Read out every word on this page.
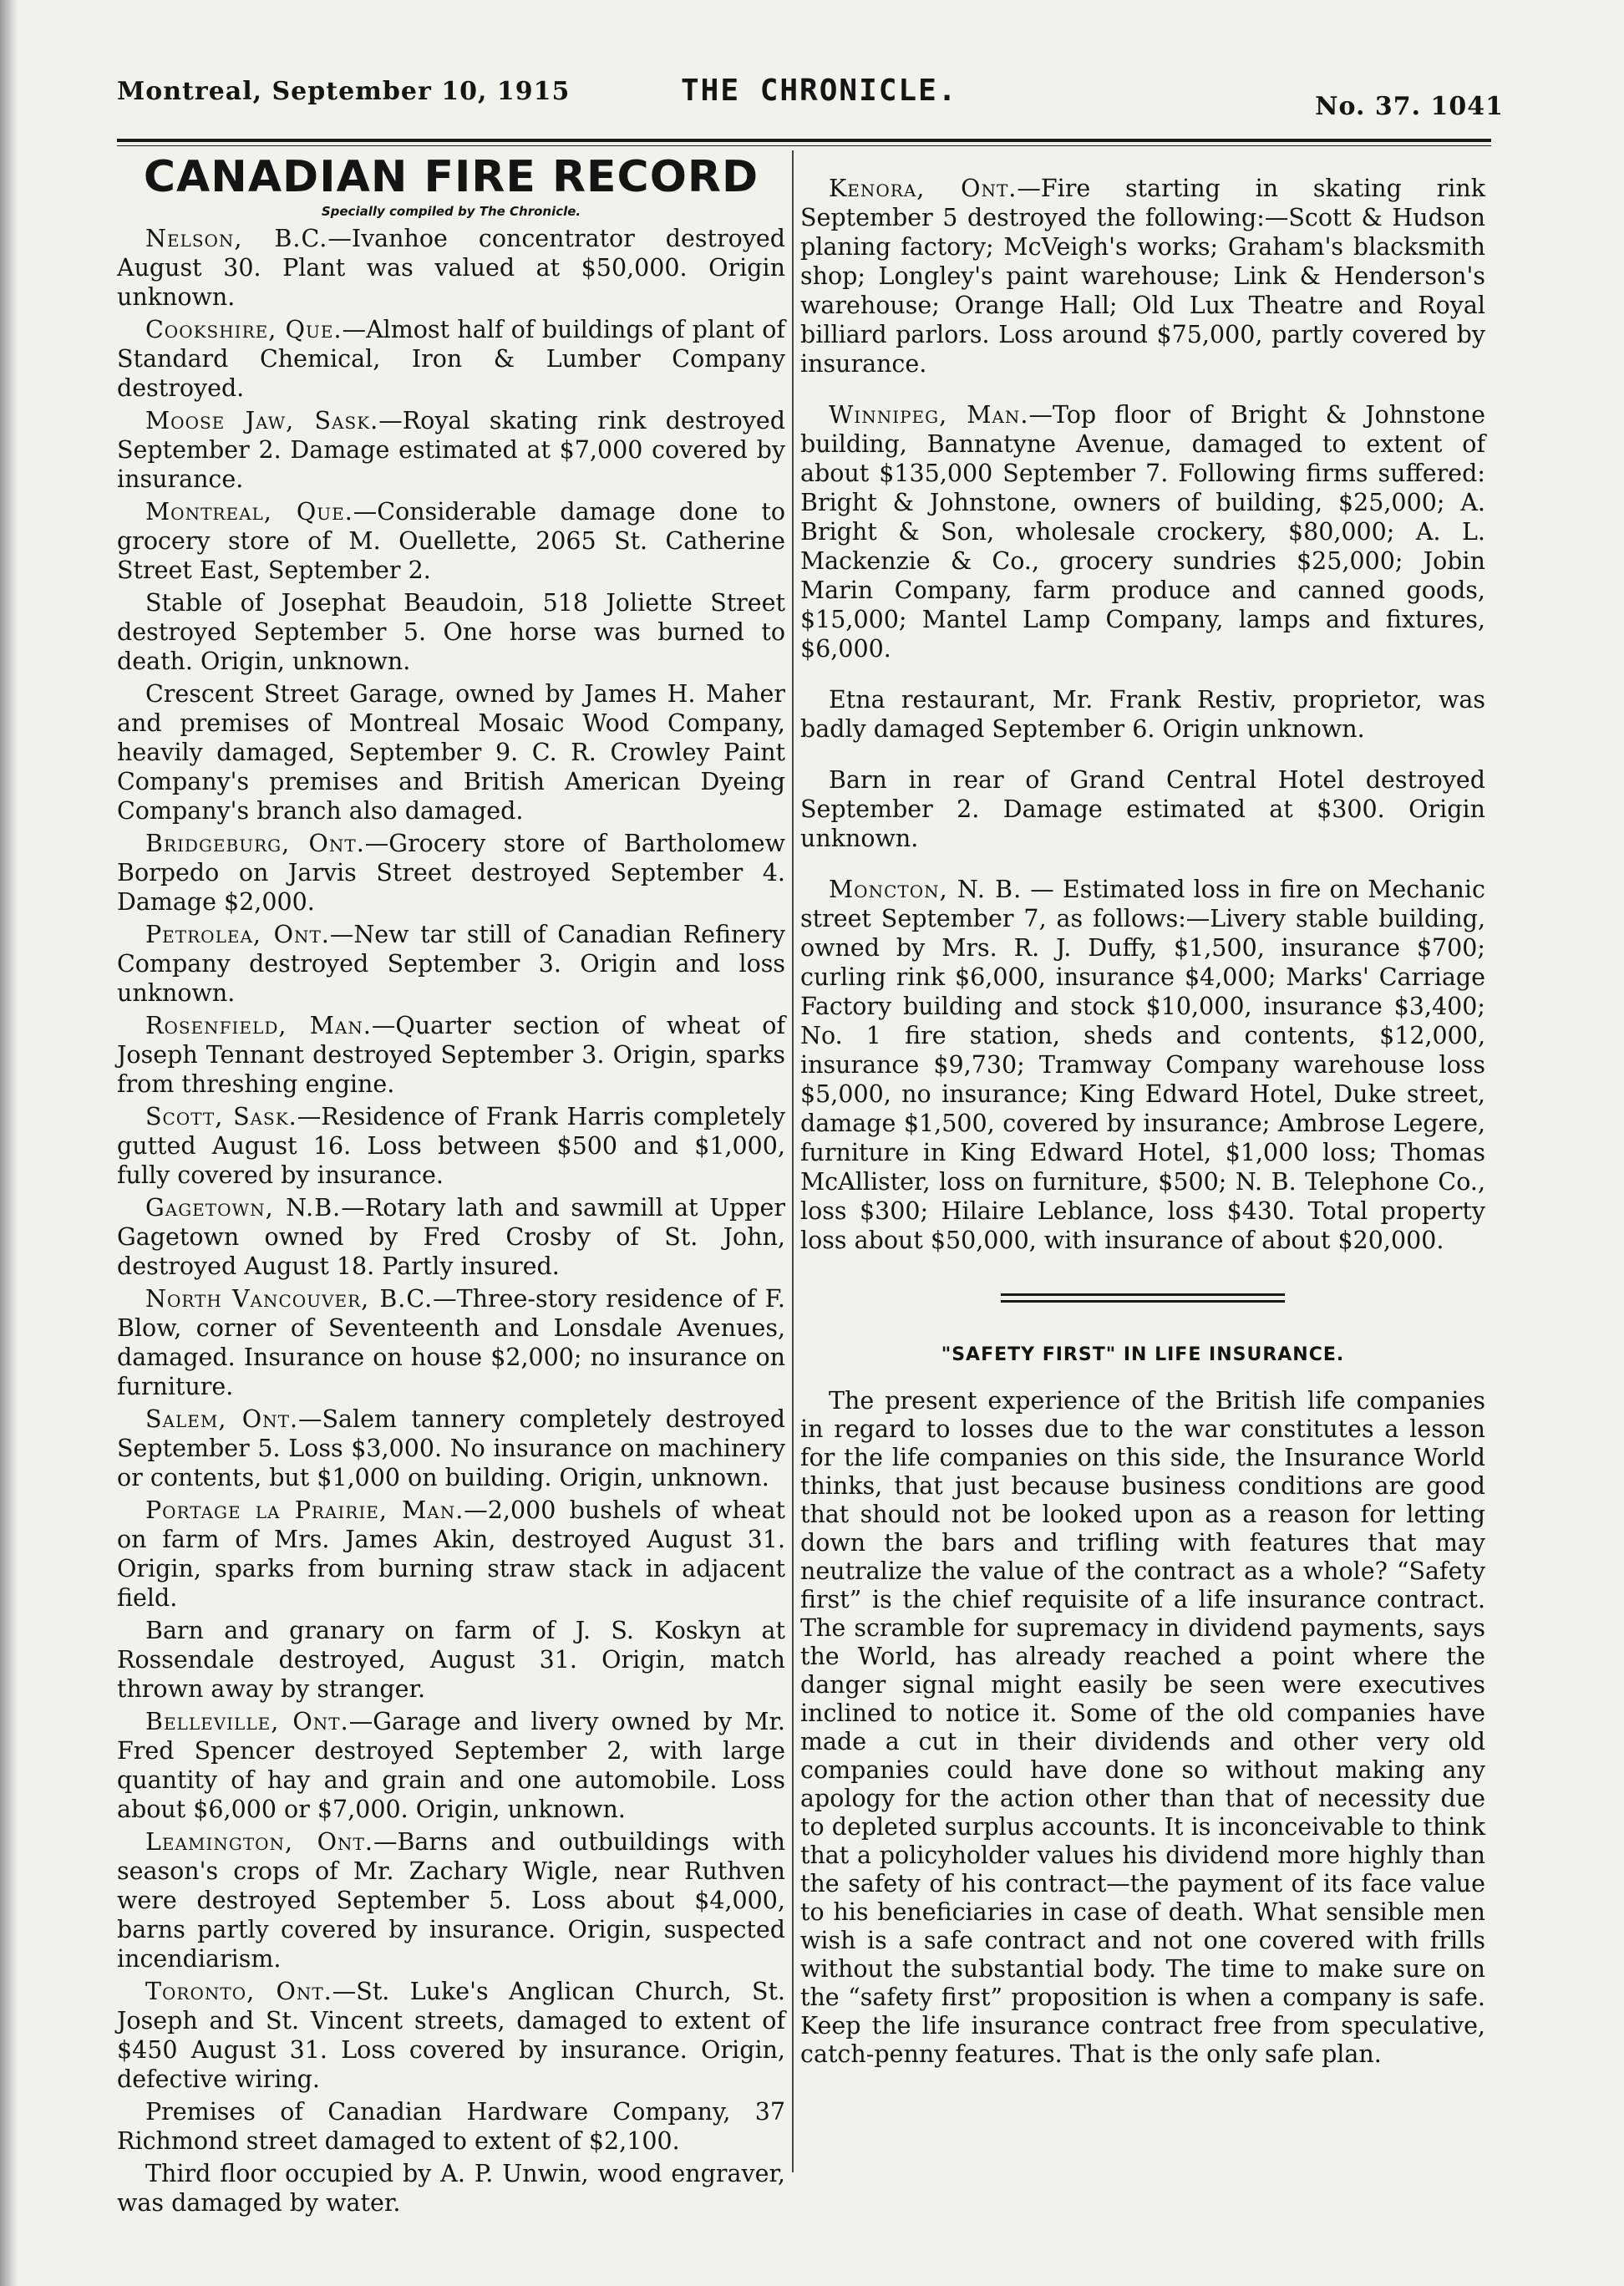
Montreal, September 10, 1915	THE CHRONICLE.	No. 37. 1041
CANADIAN FIRE RECORD

Specially compiled by The Chronicle.

Nelson, B.C.—Ivanhoe concentrator destroyed August 30. Plant was valued at $50,000. Origin unknown.

Cookshire, Que.—Almost half of buildings of plant of Standard Chemical, Iron & Lumber Company destroyed.

Moose Jaw, Sask.—Royal skating rink destroyed September 2. Damage estimated at $7,000 covered by insurance.

Montreal, Que.—Considerable damage done to grocery store of M. Ouellette, 2065 St. Catherine Street East, September 2.

Stable of Josephat Beaudoin, 518 Joliette Street destroyed September 5. One horse was burned to death. Origin, unknown.

Crescent Street Garage, owned by James H. Maher and premises of Montreal Mosaic Wood Company, heavily damaged, September 9. C. R. Crowley Paint Company's premises and British American Dyeing Company's branch also damaged.

Bridgeburg, Ont.—Grocery store of Bartholomew Borpedo on Jarvis Street destroyed September 4. Damage $2,000.

Petrolea, Ont.—New tar still of Canadian Refinery Company destroyed September 3. Origin and loss unknown.

Rosenfield, Man.—Quarter section of wheat of Joseph Tennant destroyed September 3. Origin, sparks from threshing engine.

Scott, Sask.—Residence of Frank Harris completely gutted August 16. Loss between $500 and $1,000, fully covered by insurance.

Gagetown, N.B.—Rotary lath and sawmill at Upper Gagetown owned by Fred Crosby of St. John, destroyed August 18. Partly insured.

North Vancouver, B.C.—Three-story residence of F. Blow, corner of Seventeenth and Lonsdale Avenues, damaged. Insurance on house $2,000; no insurance on furniture.

Salem, Ont.—Salem tannery completely destroyed September 5. Loss $3,000. No insurance on machinery or contents, but $1,000 on building. Origin, unknown.

Portage la Prairie, Man.—2,000 bushels of wheat on farm of Mrs. James Akin, destroyed August 31. Origin, sparks from burning straw stack in adjacent field.

Barn and granary on farm of J. S. Koskyn at Rossendale destroyed, August 31. Origin, match thrown away by stranger.

Belleville, Ont.—Garage and livery owned by Mr. Fred Spencer destroyed September 2, with large quantity of hay and grain and one automobile. Loss about $6,000 or $7,000. Origin, unknown.

Leamington, Ont.—Barns and outbuildings with season's crops of Mr. Zachary Wigle, near Ruthven were destroyed September 5. Loss about $4,000, barns partly covered by insurance. Origin, suspected incendiarism.

Toronto, Ont.—St. Luke's Anglican Church, St. Joseph and St. Vincent streets, damaged to extent of $450 August 31. Loss covered by insurance. Origin, defective wiring.

Premises of Canadian Hardware Company, 37 Richmond street damaged to extent of $2,100.

Third floor occupied by A. P. Unwin, wood engraver, was damaged by water.

Kenora, Ont.—Fire starting in skating rink September 5 destroyed the following:—Scott & Hudson planing factory; McVeigh's works; Graham's blacksmith shop; Longley's paint warehouse; Link & Henderson's warehouse; Orange Hall; Old Lux Theatre and Royal billiard parlors. Loss around $75,000, partly covered by insurance.

Winnipeg, Man.—Top floor of Bright & Johnstone building, Bannatyne Avenue, damaged to extent of about $135,000 September 7. Following firms suffered: Bright & Johnstone, owners of building, $25,000; A. Bright & Son, wholesale crockery, $80,000; A. L. Mackenzie & Co., grocery sundries $25,000; Jobin Marin Company, farm produce and canned goods, $15,000; Mantel Lamp Company, lamps and fixtures, $6,000.

Etna restaurant, Mr. Frank Restiv, proprietor, was badly damaged September 6. Origin unknown.

Barn in rear of Grand Central Hotel destroyed September 2. Damage estimated at $300. Origin unknown.

Moncton, N. B. — Estimated loss in fire on Mechanic street September 7, as follows:—Livery stable building, owned by Mrs. R. J. Duffy, $1,500, insurance $700; curling rink $6,000, insurance $4,000; Marks' Carriage Factory building and stock $10,000, insurance $3,400; No. 1 fire station, sheds and contents, $12,000, insurance $9,730; Tramway Company warehouse loss $5,000, no insurance; King Edward Hotel, Duke street, damage $1,500, covered by insurance; Ambrose Legere, furniture in King Edward Hotel, $1,000 loss; Thomas McAllister, loss on furniture, $500; N. B. Telephone Co., loss $300; Hilaire Leblance, loss $430. Total property loss about $50,000, with insurance of about $20,000.

"SAFETY FIRST" IN LIFE INSURANCE.

The present experience of the British life companies in regard to losses due to the war constitutes a lesson for the life companies on this side, the Insurance World thinks, that just because business conditions are good that should not be looked upon as a reason for letting down the bars and trifling with features that may neutralize the value of the contract as a whole? “Safety first” is the chief requisite of a life insurance contract. The scramble for supremacy in dividend payments, says the World, has already reached a point where the danger signal might easily be seen were executives inclined to notice it. Some of the old companies have made a cut in their dividends and other very old companies could have done so without making any apology for the action other than that of necessity due to depleted surplus accounts. It is inconceivable to think that a policyholder values his dividend more highly than the safety of his contract—the payment of its face value to his beneficiaries in case of death. What sensible men wish is a safe contract and not one covered with frills without the substantial body. The time to make sure on the “safety first” proposition is when a company is safe. Keep the life insurance contract free from speculative, catch-penny features. That is the only safe plan.
